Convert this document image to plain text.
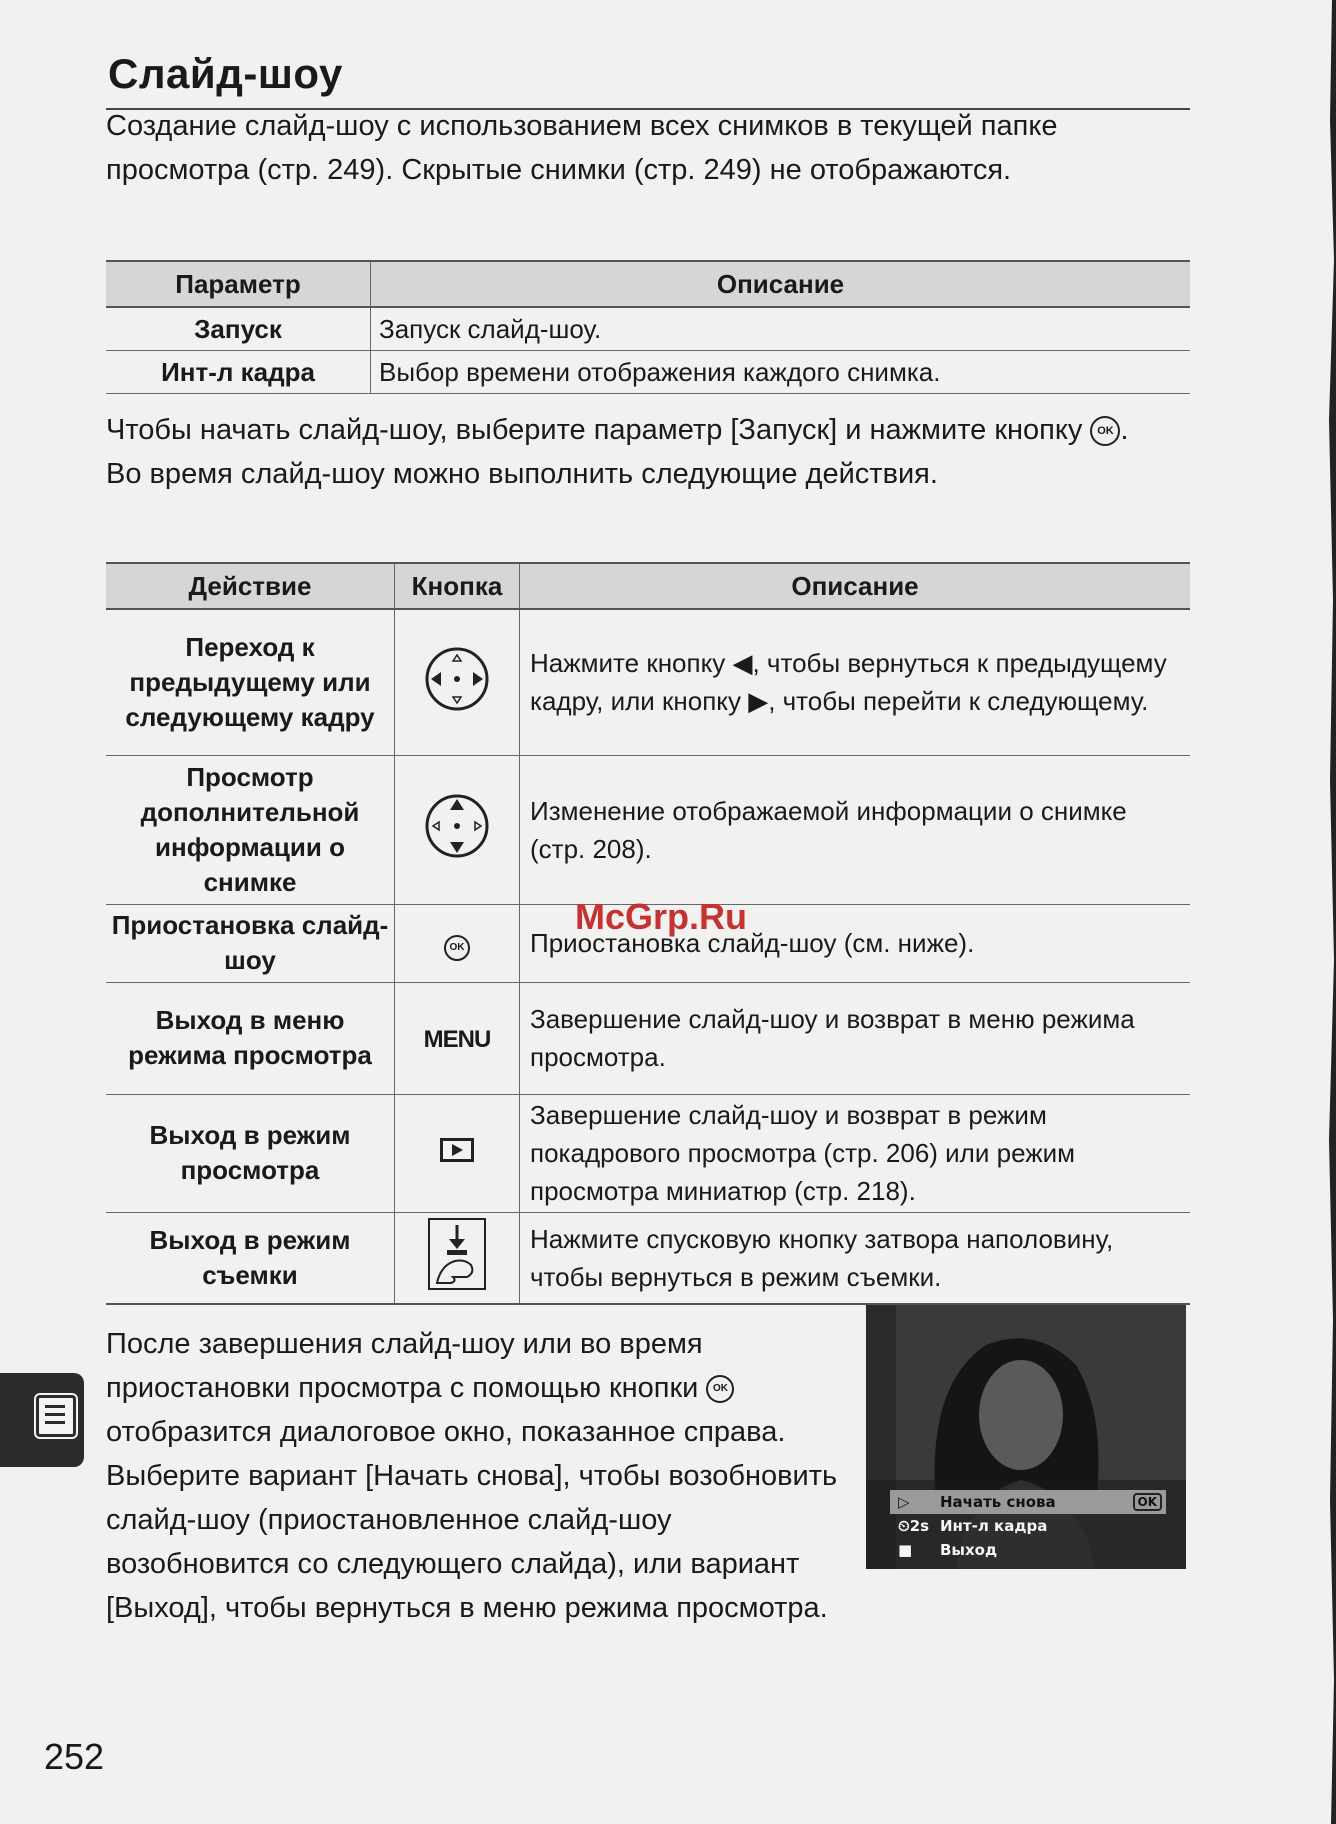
Слайд-шоу

Создание слайд-шоу с использованием всех снимков в текущей папке просмотра (стр. 249). Скрытые снимки (стр. 249) не отображаются.

Параметр	Описание
Запуск	Запуск слайд-шоу.
Инт-л кадра	Выбор времени отображения каждого снимка.

Чтобы начать слайд-шоу, выберите параметр [Запуск] и нажмите кнопку OK . Во время слайд-шоу можно выполнить следующие действия.

Действие	Кнопка	Описание
Переход к предыдущему или следующему кадру		Нажмите кнопку ◀, чтобы вернуться к предыдущему кадру, или кнопку ▶, чтобы перейти к следующему.
Просмотр дополнительной информации о снимке		Изменение отображаемой информации о снимке (стр. 208).
Приостановка слайд-шоу	OK	Приостановка слайд-шоу (см. ниже).
Выход в меню режима просмотра	MENU	Завершение слайд-шоу и возврат в меню режима просмотра.
Выход в режим просмотра		Завершение слайд-шоу и возврат в режим покадрового просмотра (стр. 206) или режим просмотра миниатюр (стр. 218).
Выход в режим съемки		Нажмите спусковую кнопку затвора наполовину, чтобы вернуться в режим съемки.

После завершения слайд-шоу или во время приостановки просмотра с помощью кнопки OK отобразится диалоговое окно, показанное справа. Выберите вариант [Начать снова], чтобы возобновить слайд-шоу (приостановленное слайд-шоу возобновится со следующего слайда), или вариант [Выход], чтобы вернуться в меню режима просмотра.

▷ Начать снова	OK
⏲2s Инт-л кадра
■ Выход
McGrp.Ru
252
